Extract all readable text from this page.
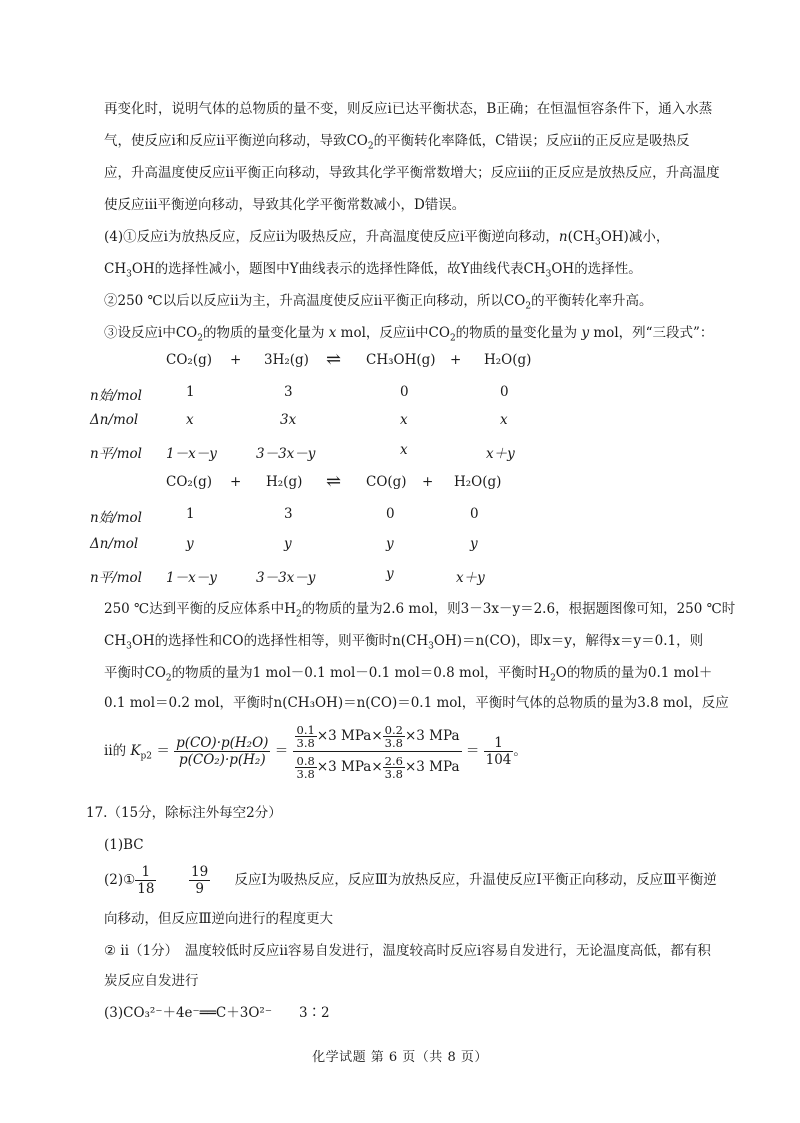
再变化时，说明气体的总物质的量不变，则反应ⅰ已达平衡状态，B正确；在恒温恒容条件下，通入水蒸
气，使反应ⅰ和反应ⅱ平衡逆向移动，导致$CO_2$的平衡转化率降低，C错误；反应ⅱ的正反应是吸热反
应，升高温度使反应ⅱ平衡正向移动，导致其化学平衡常数增大；反应ⅲ的正反应是放热反应，升高温度
使反应ⅲ平衡逆向移动，导致其化学平衡常数减小，D错误。
(4)①反应ⅰ为放热反应，反应ⅱ为吸热反应，升高温度使反应ⅰ平衡逆向移动，$n(CH_3OH)$减小，
$CH_3OH$的选择性减小，题图中Y曲线表示的选择性降低，故Y曲线代表$CH_3OH$的选择性。
②250 ℃以后以反应ⅱ为主，升高温度使反应ⅱ平衡正向移动，所以$CO_2$的平衡转化率升高。
③设反应ⅰ中$CO_2$的物质的量变化量为 x mol，反应ⅱ中$CO_2$的物质的量变化量为 y mol，列“三段式”：
CO₂(g) + 3H₂(g) ⇌ CH₃OH(g) + H₂O(g)
n始/mol	1	3	0	0
Δn/mol	x	3x	x	x
n平/mol 1－x－y	3－3x－y	x	x＋y
CO₂(g) + H₂(g) ⇌ CO(g) + H₂O(g)
n始/mol	1	3	0	0
Δn/mol	y	y	y	y
n平/mol 1－x－y	3－3x－y	y	x＋y
250 ℃达到平衡的反应体系中$H_2$的物质的量为2.6 mol，则3－3x－y＝2.6，根据题图像可知，250 ℃时
$CH_3OH$的选择性和CO的选择性相等，则平衡时$n(CH_3OH)=n(CO)$，即x＝y，解得x＝y＝0.1，则
平衡时$CO_2$的物质的量为1 mol－0.1 mol－0.1 mol＝0.8 mol，平衡时$H_2O$的物质的量为0.1 mol＋
0.1 mol＝0.2 mol，平衡时n(CH₃OH)＝n(CO)＝0.1 mol，平衡时气体的总物质的量为3.8 mol，反应
ⅱ的 $K_{p2} = \frac{\text{p(CO)·p(H₂O)}}{\text{p(CO₂)·p(H₂)}} = \frac{\frac{0.1}{3.8} \times 3 MPa\times \frac{0.2}{3.8} \times 3 MPa}{\frac{0.8}{3.8} \times 3 MPa\times \frac{2.6}{3.8} \times 3 MPa} = \frac{1}{104}$ 。
17.（15分，除标注外每空2分）
(1)BC
(2)① $\frac{1}{18}$
$\frac{19}{9}$ 反应Ⅰ为吸热反应，反应Ⅲ为放热反应，升温使反应Ⅰ平衡正向移动，反应Ⅲ平衡逆
向移动，但反应Ⅲ逆向进行的程度更大
② ⅱ（1分）　温度较低时反应ⅱ容易自发进行，温度较高时反应ⅰ容易自发进行，无论温度高低，都有积
炭反应自发进行
(3)CO₃²⁻＋4e⁻══C＋3O²⁻　　3∶2
化学试题 第 6 页（共 8 页）
